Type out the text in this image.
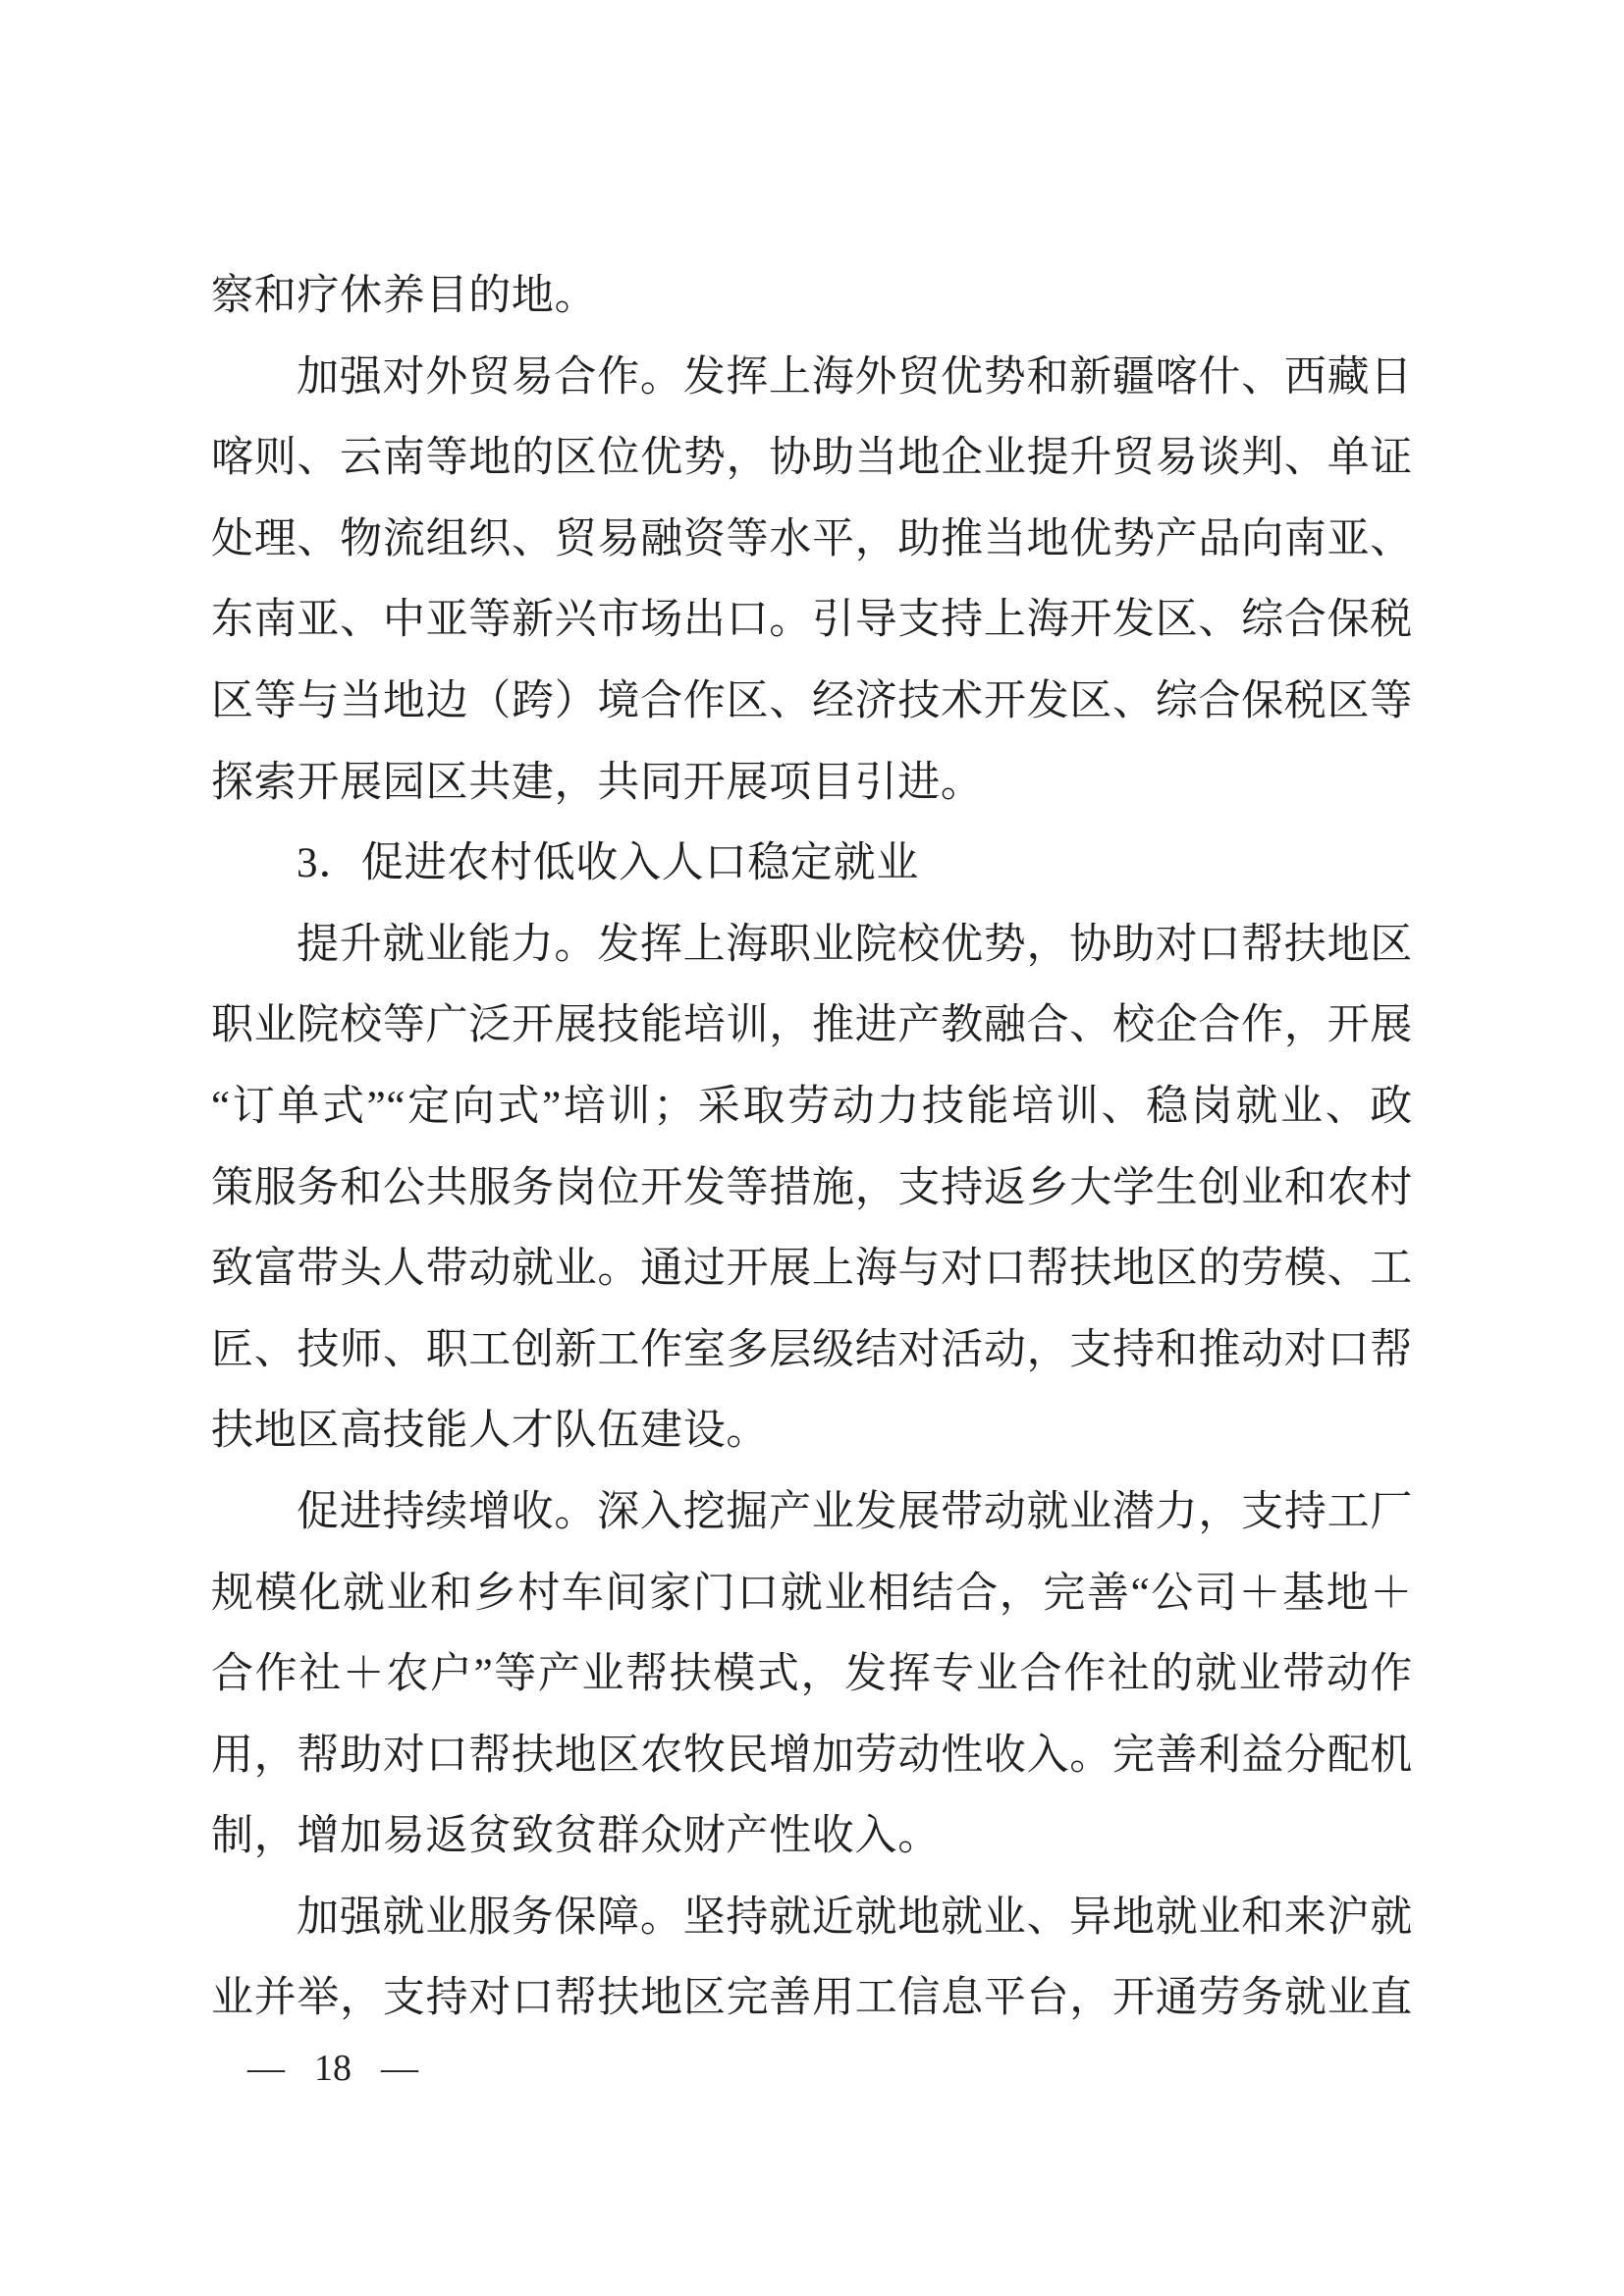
察和疗休养目的地。
加强对外贸易合作。发挥上海外贸优势和新疆喀什、西藏日
喀则、云南等地的区位优势，协助当地企业提升贸易谈判、单证
处理、物流组织、贸易融资等水平，助推当地优势产品向南亚、
东南亚、中亚等新兴市场出口。引导支持上海开发区、综合保税
区等与当地边（跨）境合作区、经济技术开发区、综合保税区等
探索开展园区共建，共同开展项目引进。
3．促进农村低收入人口稳定就业
提升就业能力。发挥上海职业院校优势，协助对口帮扶地区
职业院校等广泛开展技能培训，推进产教融合、校企合作，开展
“订单式”“定向式”培训；采取劳动力技能培训、稳岗就业、政
策服务和公共服务岗位开发等措施，支持返乡大学生创业和农村
致富带头人带动就业。通过开展上海与对口帮扶地区的劳模、工
匠、技师、职工创新工作室多层级结对活动，支持和推动对口帮
扶地区高技能人才队伍建设。
促进持续增收。深入挖掘产业发展带动就业潜力，支持工厂
规模化就业和乡村车间家门口就业相结合，完善“公司＋基地＋
合作社＋农户”等产业帮扶模式，发挥专业合作社的就业带动作
用，帮助对口帮扶地区农牧民增加劳动性收入。完善利益分配机
制，增加易返贫致贫群众财产性收入。
加强就业服务保障。坚持就近就地就业、异地就业和来沪就
业并举，支持对口帮扶地区完善用工信息平台，开通劳务就业直
— 18 —
